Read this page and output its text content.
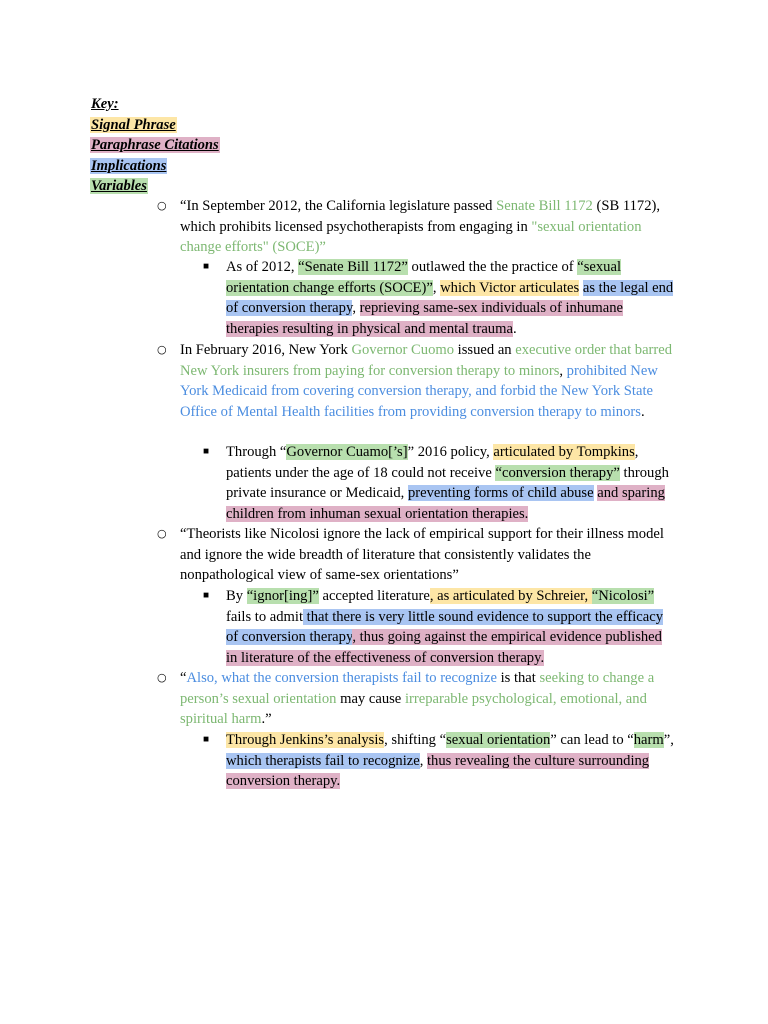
Key:
Signal Phrase
Paraphrase Citations
Implications
Variables
○ “In September 2012, the California legislature passed Senate Bill 1172 (SB 1172), which prohibits licensed psychotherapists from engaging in "sexual orientation change efforts" (SOCE)”
■ As of 2012, “Senate Bill 1172” outlawed the the practice of “sexual orientation change efforts (SOCE)”, which Victor articulates as the legal end of conversion therapy, reprieving same-sex individuals of inhumane therapies resulting in physical and mental trauma.
○ In February 2016, New York Governor Cuomo issued an executive order that barred New York insurers from paying for conversion therapy to minors, prohibited New York Medicaid from covering conversion therapy, and forbid the New York State Office of Mental Health facilities from providing conversion therapy to minors.
■ Through “Governor Cuamo[’s]” 2016 policy, articulated by Tompkins, patients under the age of 18 could not receive “conversion therapy” through private insurance or Medicaid, preventing forms of child abuse and sparing children from inhuman sexual orientation therapies.
○ “Theorists like Nicolosi ignore the lack of empirical support for their illness model and ignore the wide breadth of literature that consistently validates the nonpathological view of same-sex orientations”
■ By “ignor[ing]” accepted literature, as articulated by Schreier, “Nicolosi” fails to admit that there is very little sound evidence to support the efficacy of conversion therapy, thus going against the empirical evidence published in literature of the effectiveness of conversion therapy.
○ “Also, what the conversion therapists fail to recognize is that seeking to change a person’s sexual orientation may cause irreparable psychological, emotional, and spiritual harm.”
■ Through Jenkins’s analysis, shifting “sexual orientation” can lead to “harm”, which therapists fail to recognize, thus revealing the culture surrounding conversion therapy.
